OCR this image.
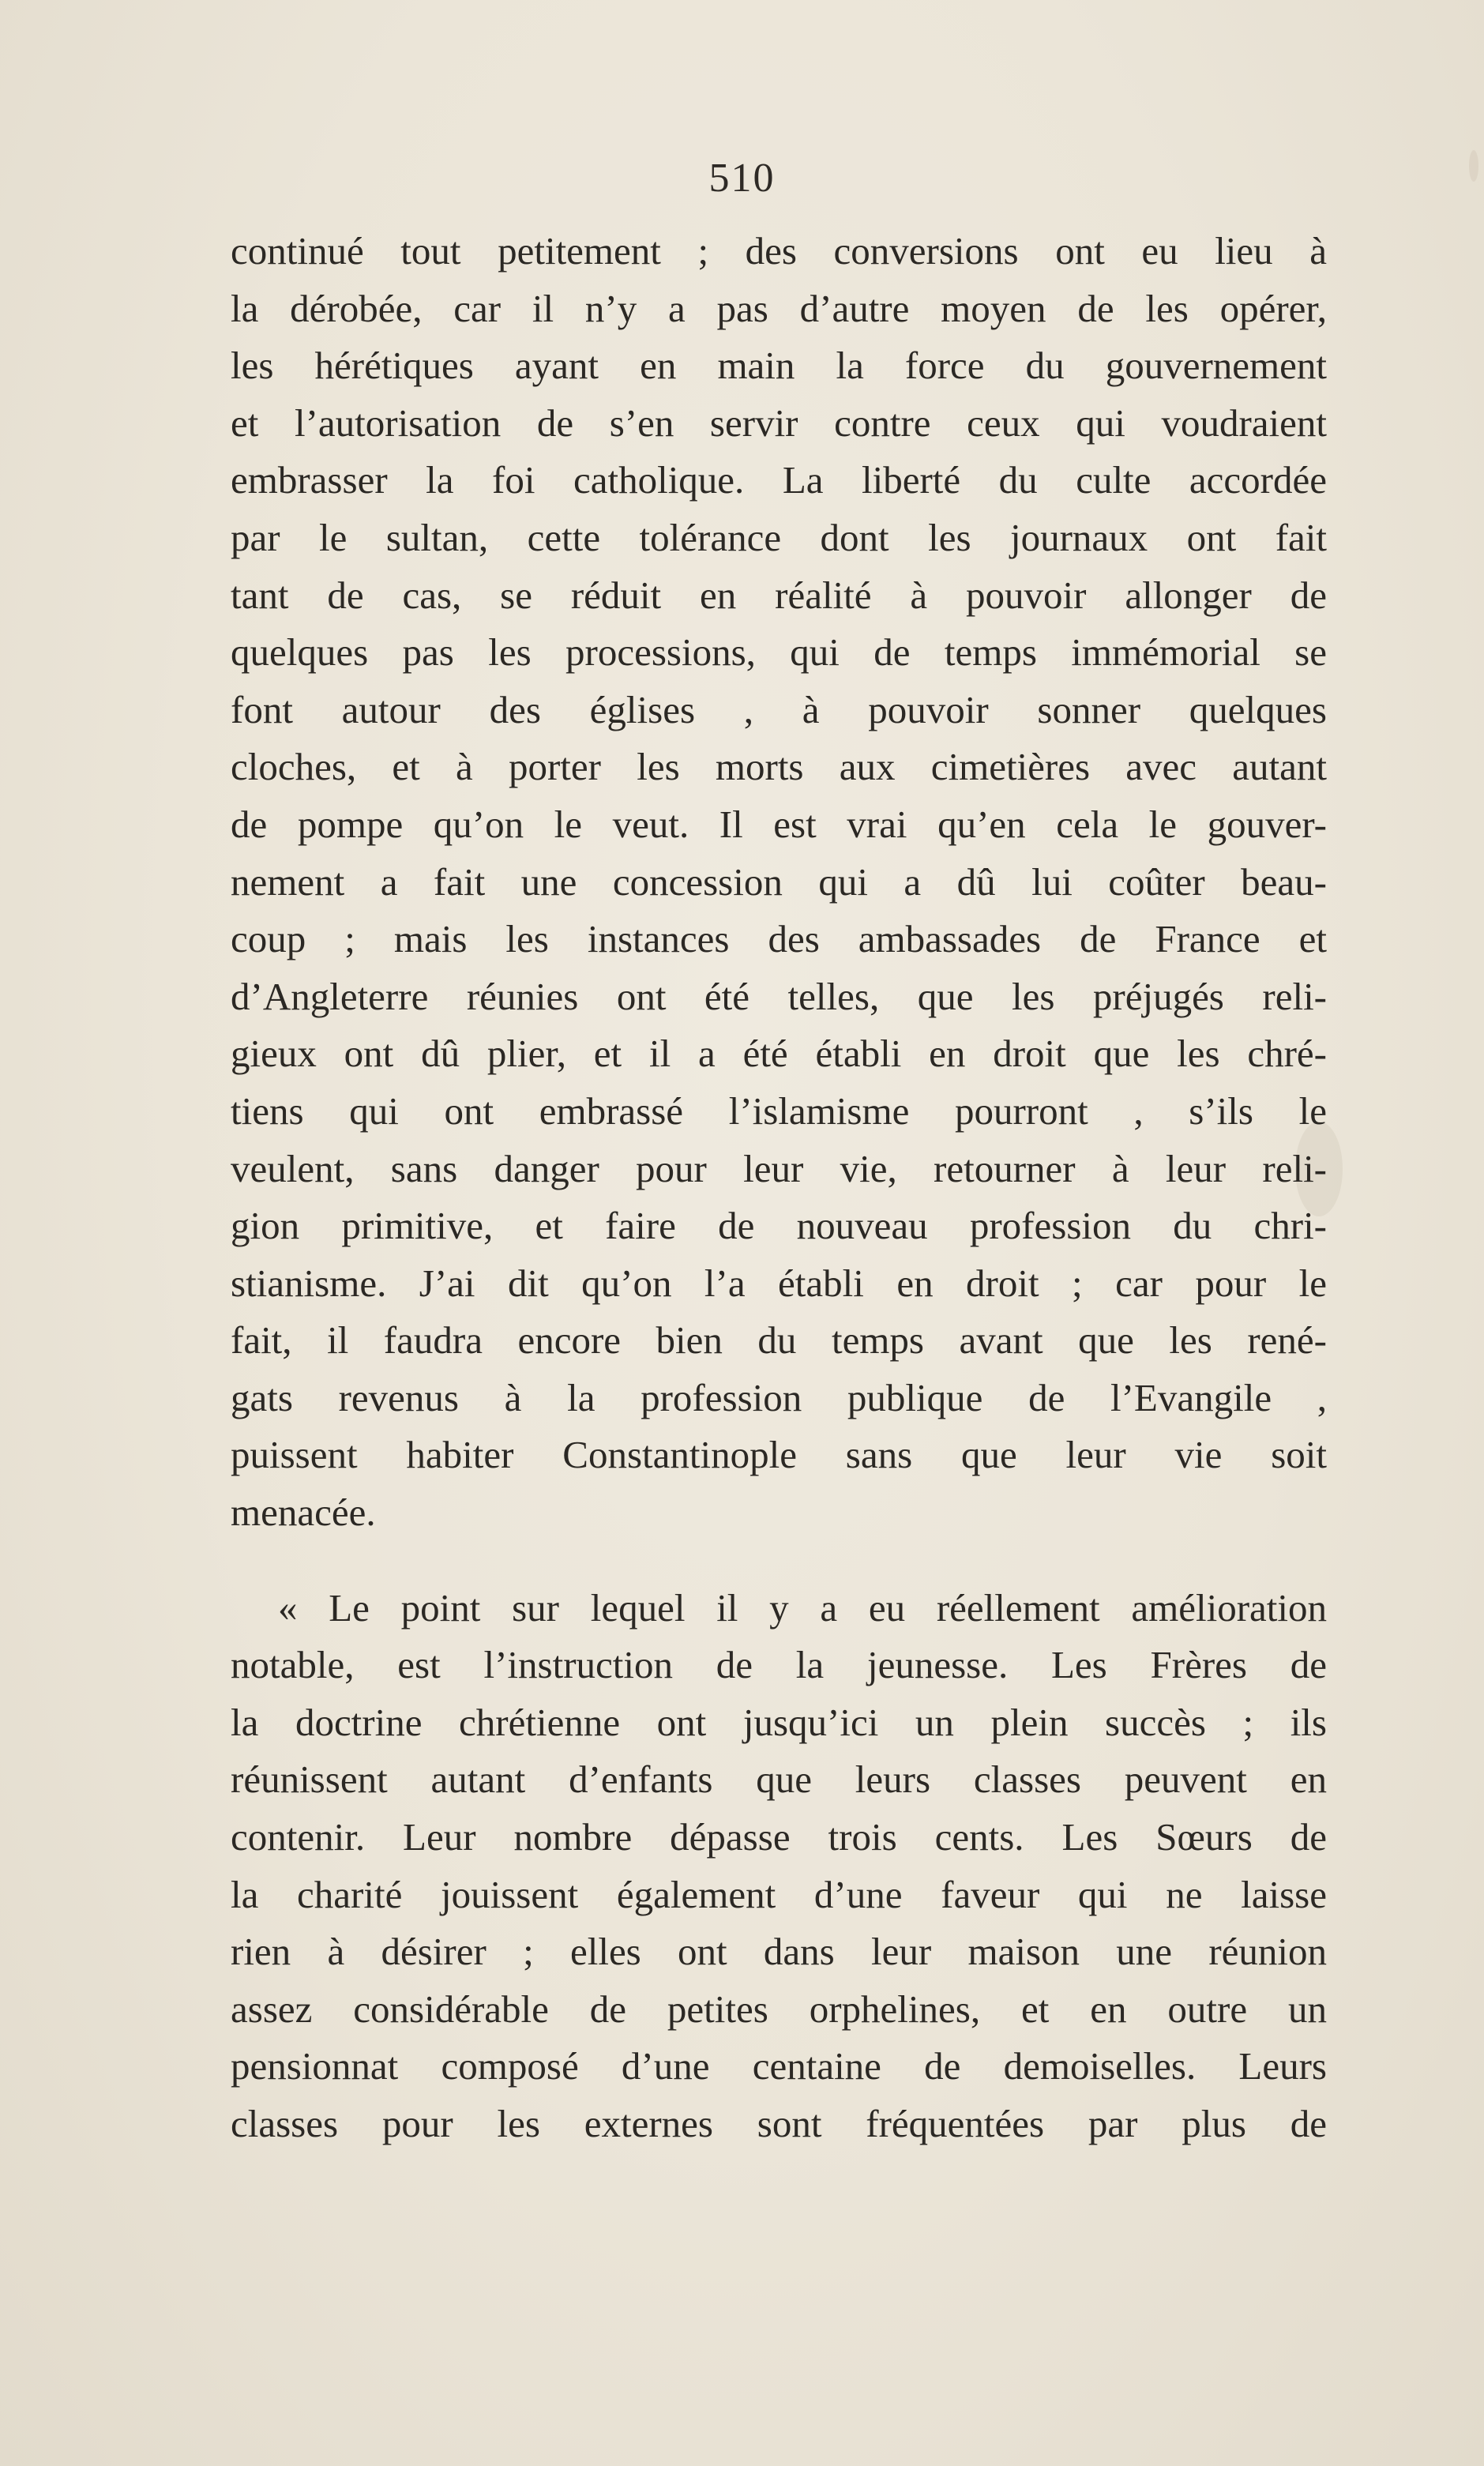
510
continué tout petitement ; des conversions ont eu lieu à
la dérobée, car il n’y a pas d’autre moyen de les opérer,
les hérétiques ayant en main la force du gouvernement
et l’autorisation de s’en servir contre ceux qui voudraient
embrasser la foi catholique. La liberté du culte accordée
par le sultan, cette tolérance dont les journaux ont fait
tant de cas, se réduit en réalité à pouvoir allonger de
quelques pas les processions, qui de temps immémorial se
font autour des églises , à pouvoir sonner quelques
cloches, et à porter les morts aux cimetières avec autant
de pompe qu’on le veut. Il est vrai qu’en cela le gouver-
nement a fait une concession qui a dû lui coûter beau-
coup ; mais les instances des ambassades de France et
d’Angleterre réunies ont été telles, que les préjugés reli-
gieux ont dû plier, et il a été établi en droit que les chré-
tiens qui ont embrassé l’islamisme pourront , s’ils le
veulent, sans danger pour leur vie, retourner à leur reli-
gion primitive, et faire de nouveau profession du chri-
stianisme. J’ai dit qu’on l’a établi en droit ; car pour le
fait, il faudra encore bien du temps avant que les rené-
gats revenus à la profession publique de l’Evangile ,
puissent habiter Constantinople sans que leur vie soit
menacée.
« Le point sur lequel il y a eu réellement amélioration
notable, est l’instruction de la jeunesse. Les Frères de
la doctrine chrétienne ont jusqu’ici un plein succès ; ils
réunissent autant d’enfants que leurs classes peuvent en
contenir. Leur nombre dépasse trois cents. Les Sœurs de
la charité jouissent également d’une faveur qui ne laisse
rien à désirer ; elles ont dans leur maison une réunion
assez considérable de petites orphelines, et en outre un
pensionnat composé d’une centaine de demoiselles. Leurs
classes pour les externes sont fréquentées par plus de
